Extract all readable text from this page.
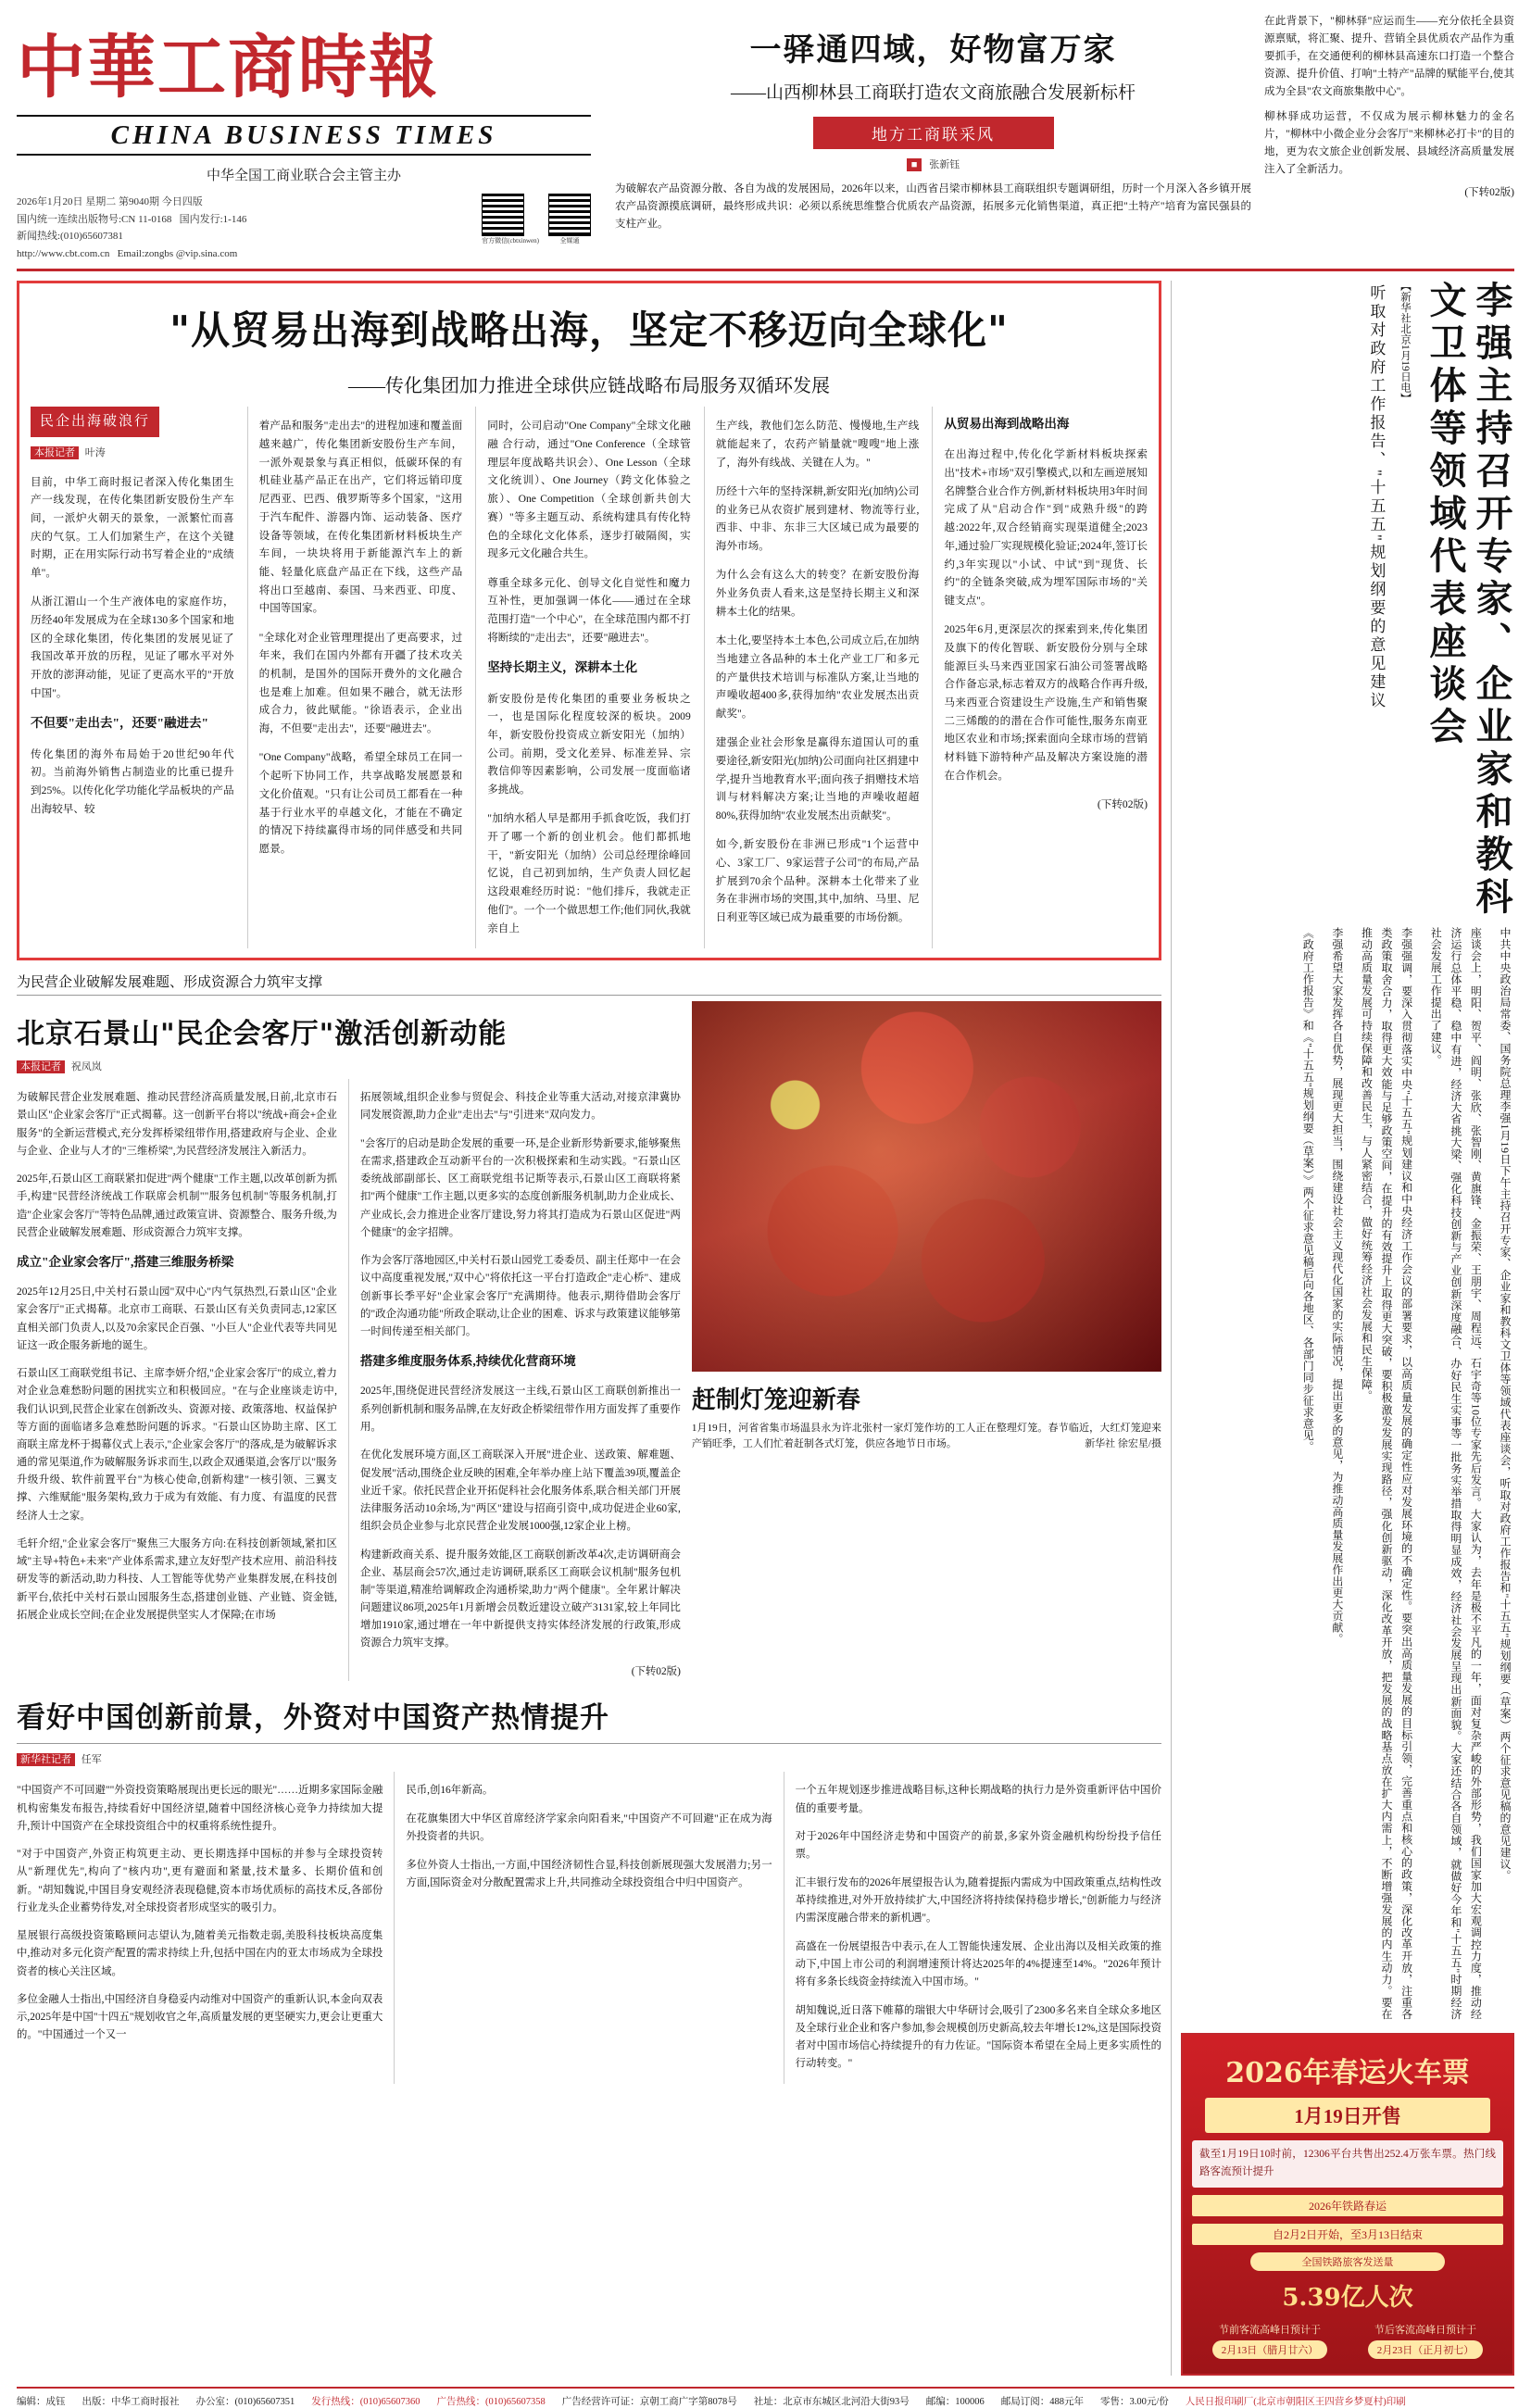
中華工商時報
CHINA BUSINESS TIMES
中华全国工商业联合会主管主办
2026年1月20日 星期二 第9040期 今日四版
国内统一连续出版物号:CN 11-0168 国内发行:1-146
新闻热线:(010)65607381
http://www.cbt.com.cn Email:zongbs @vip.sina.com
官方微信(cbtxinwen)	全媒通
一驿通四域，好物富万家
——山西柳林县工商联打造农文商旅融合发展新标杆
地方工商联采风
■ 张新钰
为破解农产品资源分散、各自为战的发展困局，2026年以来，山西省吕梁市柳林县工商联组织专题调研组，历时一个月深入各乡镇开展农产品资源摸底调研，最终形成共识：必须以系统思维整合优质农产品资源，拓展多元化销售渠道，真正把"土特产"培育为富民强县的支柱产业。
在此背景下，"柳林驿"应运而生——充分依托全县资源禀赋，将汇聚、提升、营销全县优质农产品作为重要抓手，在交通便利的柳林县高速东口打造一个整合资源、提升价值、打响"土特产"品牌的赋能平台,使其成为全县"农文商旅集散中心"。
柳林驿成功运营，不仅成为展示柳林魅力的金名片，"柳林中小微企业分会客厅"来柳林必打卡"的目的地，更为农文旅企业创新发展、县域经济高质量发展注入了全新活力。
(下转02版)
"从贸易出海到战略出海，坚定不移迈向全球化"
——传化集团加力推进全球供应链战略布局服务双循环发展
民企出海破浪行
本报记者 叶涛

目前，中华工商时报记者深入传化集团生产一线发现，在传化集团新安股份生产车间，一派炉火朝天的景象，一派繁忙而喜庆的气氛。工人们加紧生产，在这个关键时期，正在用实际行动书写着企业的"成绩单"。

从浙江湄山一个生产液体电的家庭作坊，历经40年发展成为在全球130多个国家和地区的全球化集团，传化集团的发展见证了我国改革开放的历程，见证了哪水平对外开放的澎湃动能，见证了更高水平的"开放中国"。

不但要"走出去"，还要"融进去"

传化集团的海外布局始于20世纪90年代初。当前海外销售占制造业的比重已提升到25%。以传化化学功能化学品板块的产品出海较早、较

着产品和服务"走出去"的进程加速和覆盖面越来越广，传化集团新安股份生产车间，一派外观景象与真正相似，低碳环保的有机硅业基产品正在出产，它们将远销印度尼西亚、巴西、俄罗斯等多个国家，"这用于汽车配件、游器内饰、运动装备、医疗设备等领域，在传化集团新材料板块生产车间，一块块将用于新能源汽车上的新能、轻量化底盘产品正在下线，这些产品将出口至越南、泰国、马来西亚、印度、中国等国家。

"全球化对企业管理理提出了更高要求，过年来，我们在国内外都有开疆了技术攻关的机制，是国外的国际开费外的文化融合也是难上加难。但如果不融合，就无法形成合力，彼此赋能。"徐语表示，企业出海，不但要"走出去"，还要"融进去"。

"One Company"战略，希望全球员工在同一个起听下协同工作，共享战略发展愿景和文化价值观。"只有让公司员工都看在一种基于行业水平的卓越文化，才能在不确定的情况下持续赢得市场的同伴感受和共同愿景。

同时，公司启动"One Company"全球文化融融 合行动，通过"One Conference（全球管理层年度战略共识会）、One Lesson（全球文化统训）、One Journey（跨文化体验之旅）、One Competition（全球创新共创大赛）"等多主题互动、系统构建具有传化特色的全球化文化体系，逐步打破隔阂，实现多元文化融合共生。

尊重全球多元化、创导文化自觉性和魔力互补性，更加强调一体化——通过在全球范围打造"一个中心"，在全球范围内都不打将断续的"走出去"，还要"融进去"。

坚持长期主义，深耕本土化

新安股份是传化集团的重要业务板块之一，也是国际化程度较深的板块。2009年，新安股份投资成立新安阳光（加纳）公司。前期，受文化差异、标准差异、宗教信仰等因素影响，公司发展一度面临诸多挑战。

"加纳水稻人早是都用手抓食吃饭，我们打开了哪一个新的创业机会。他们都抓地干，"新安阳光（加纳）公司总经理徐峰回忆说，自己初到加纳，生产负责人回忆起这段艰难经历时说："他们排斥，我就走正他们"。一个一个做思想工作;他们同伙,我就亲自上

生产线，教他们怎么防范、慢慢地,生产线就能起来了，农药产销量就"嗖嗖"地上涨了，海外有线战、关键在人为。"

历经十六年的坚持深耕,新安阳光(加纳)公司的业务已从农资扩展到建材、物流等行业,西非、中非、东非三大区域已成为最要的海外市场。

为什么会有这么大的转变？在新安股份海外业务负责人看来,这是坚持长期主义和深耕本土化的结果。

本土化,要坚持本土本色,公司成立后,在加纳当地建立各品种的本土化产业工厂和多元的产量供技术培训与标准队方案,让当地的声噪收超400多,获得加纳"农业发展杰出贡献奖"。

建强企业社会形象是赢得东道国认可的重要途径,新安阳光(加纳)公司面向社区捐建中学,提升当地教育水平;面向孩子捐赠技术培训与材料解决方案;让当地的声噪收超超80%,获得加纳"农业发展杰出贡献奖"。

如今,新安股份在非洲已形成"1个运营中心、3家工厂、9家运营子公司"的布局,产品扩展到70余个品种。深耕本土化带来了业务在非洲市场的突围,其中,加纳、马里、尼日利亚等区域已成为最重要的市场份额。

从贸易出海到战略出海

在出海过程中,传化化学新材料板块探索出"技术+市场"双引擎模式,以和左画逆展知名牌整合业合作方例,新材料板块用3年时间完成了从"启动合作"到"成熟升级"的跨越:2022年,双合经销商实现渠道健全;2023年,通过验厂实现规模化验证;2024年,签订长约,3年实现以"小试、中试"到"现货、长约"的全链条突破,成为埋军国际市场的"关键支点"。

2025年6月,更深层次的探索到来,传化集团及旗下的传化智联、新安股份分别与全球能源巨头马来西亚国家石油公司签署战略合作备忘录,标志着双方的战略合作再升级,马来西亚合资建设生产设施,生产和销售聚二三烯酸的的潜在合作可能性,服务东南亚地区农业和市场;探索面向全球市场的营销材料链下游特种产品及解决方案设施的潜在合作机会。

(下转02版)
为民营企业破解发展难题、形成资源合力筑牢支撑
北京石景山"民企会客厅"激活创新动能
本报记者 祝凤岚

为破解民营企业发展难题、推动民营经济高质量发展,日前,北京市石景山区"企业家会客厅"正式揭幕。这一创新平台将以"统战+商会+企业服务"的全新运营模式,充分发挥桥梁纽带作用,搭建政府与企业、企业与企业、企业与人才的"三维桥梁",为民营经济发展注入新活力。

2025年,石景山区工商联紧扣促进"两个健康"工作主题,以改革创新为抓手,构建"民营经济统战工作联席会机制""服务包机制"等服务机制,打造"企业家会客厅"等特色品牌,通过政策宣讲、资源整合、服务升级,为民营企业破解发展难题、形成资源合力筑牢支撑。

成立"企业家会客厅",搭建三维服务桥梁

2025年12月25日,中关村石景山园"双中心"内气氛热烈,石景山区"企业家会客厅"正式揭幕。北京市工商联、石景山区有关负责同志,12家区直相关部门负责人,以及70余家民企百强、"小巨人"企业代表等共同见证这一政企服务新地的诞生。

石景山区工商联党组书记、主席李妍介绍,"企业家会客厅"的成立,着力对企业急难愁盼问题的困扰实立和积极回应。"在与企业座谈走访中,我们认识到,民营企业家在创新改头、资源对接、政策落地、权益保护等方面的面临诸多急难愁盼问题的诉求。"石景山区协助主席、区工商联主席龙杯于揭幕仪式上表示,"企业家会客厅"的落成,是为破解诉求通的常见渠道,作为破解服务诉求而生,以政企双通渠道,会客厅以"服务升级升级、软件前置平台"为核心使命,创新构建"一核引领、三翼支撑、六维赋能"服务架构,致力于成为有效能、有力度、有温度的民营经济人士之家。

毛轩介绍,"企业家会客厅"聚焦三大服务方向:在科技创新领域,紧扣区域"主导+特色+未来"产业体系需求,建立友好型产技术应用、前沿科技研发等的新活动,助力科技、人工智能等优势产业集群发展,在科技创新平台,依托中关村石景山园服务生态,搭建创业链、产业链、资金链,拓展企业成长空间;在企业发展提供坚实人才保障;在市场

拓展领域,组织企业参与贸促会、科技企业等重大活动,对接京津冀协同发展资源,助力企业"走出去"与"引进来"双向发力。

"会客厅的启动是助企发展的重要一环,是企业新形势新要求,能够聚焦在需求,搭建政企互动新平台的一次积极探索和生动实践。"石景山区委统战部副部长、区工商联党组书记斯等表示,石景山区工商联将紧扣"两个健康"工作主题,以更多实的态度创新服务机制,助力企业成长、产业成长,会力推进企业客厅建设,努力将其打造成为石景山区促进"两个健康"的金字招牌。

作为会客厅落地园区,中关村石景山园党工委委员、副主任郑中一在会议中高度重视发展,"双中心"将依托这一平台打造政企"走心桥"、建成创新事长季平好"企业家会客厅"充满期待。他表示,期待借助会客厅的"政企沟通功能"所政企联动,让企业的困难、诉求与政策建议能够第一时间传递至相关部门。

搭建多维度服务体系,持续优化营商环境

2025年,围绕促进民营经济发展这一主线,石景山区工商联创新推出一系列创新机制和服务品牌,在友好政企桥梁纽带作用方面发挥了重要作用。

在优化发展环境方面,区工商联深入开展"进企业、送政策、解难题、促发展"活动,围绕企业反映的困难,全年举办座上站下覆盖39项,覆盖企业近千家。依托民营企业开拓促科社会化服务体系,联合相关部门开展法律服务活动10余场,为"两区"建设与招商引资中,成功促进企业60家,组织会员企业参与北京民营企业发展1000强,12家企业上榜。

构建新政商关系、提升服务效能,区工商联创新改革4次,走访调研商会企业、基层商会57次,通过走访调研,联系区工商联会议机制"服务包机制"等渠道,精准给调解政企沟通桥梁,助力"两个健康"。全年累计解决问题建议86项,2025年1月新增会员数近建设立破产3131家,较上年同比增加1910家,通过增在一年中新提供支持实体经济发展的行政策,形成资源合力筑牢支撑。

(下转02版)
赶制灯笼迎新春
1月19日，河省省集市场温县永为许北张村一家灯笼作坊的工人正在整理灯笼。春节临近，大红灯笼迎来产销旺季，工人们忙着赶制各式灯笼，供应各地节日市场。	新华社 徐宏星/摄
看好中国创新前景，外资对中国资产热情提升
新华社记者 任军

"中国资产不可回避""外资投资策略展现出更长远的眼光"……近期多家国际金融机构密集发布报告,持续看好中国经济望,随着中国经济核心竞争力持续加大提升,预计中国资产在全球投资组合中的权重将系统性提升。

"对于中国资产,外资正构筑更主动、更长期选择中国标的并参与全球投资转从"新理优先",构向了"核内功",更有避面和紧量,技术量多、长期价值和创新。"胡知魏说,中国目身安观经济表现稳健,资本市场优质标的高技术反,各部份行业龙头企业蓄势待发,对全球投资者形成坚实的吸引力。

星展银行高级投资策略顾问志望认为,随着美元指数走弱,美股科技板块高度集中,推动对多元化资产配置的需求持续上升,包括中国在内的亚太市场成为全球投资者的核心关注区域。

多位金融人士指出,中国经济自身稳妥内动维对中国资产的重新认识,本金向双表示,2025年是中国"十四五"规划收官之年,高质量发展的更坚硬实力,更会让更重大的。"中国通过一个又一

民币,创16年新高。

在花旗集团大中华区首席经济学家余向阳看来,"中国资产不可回避"正在成为海外投资者的共识。

多位外资人士指出,一方面,中国经济韧性合显,科技创新展现强大发展潜力;另一方面,国际资金对分散配置需求上升,共同推动全球投资组合中归中国资产。

一个五年规划逐步推进战略目标,这种长期战略的执行力是外资重新评估中国价值的重要考量。

对于2026年中国经济走势和中国资产的前景,多家外资金融机构纷纷投予信任票。

汇丰银行发布的2026年展望报告认为,随着提振内需成为中国政策重点,结构性改革持续推进,对外开放持续扩大,中国经济将持续保持稳步增长,"创新能力与经济内需深度融合带来的新机遇"。

高盛在一份展望报告中表示,在人工智能快速发展、企业出海以及相关政策的推动下,中国上市公司的利润增速预计将达2025年的4%提速至14%。"2026年预计将有多条长线资金持续流入中国市场。"

胡知魏说,近日落下帷幕的瑞银大中华研讨会,吸引了2300多名来自全球众多地区及全球行业企业和客户参加,参会规模创历史新高,较去年增长12%,这是国际投资者对中国市场信心持续提升的有力佐证。"国际资本希望在全局上更多实质性的行动转变。"

听取对政府工作报告、"十五五"规划纲要的意见建议	【新华社北京1月19日电】	李强主持召开专家、企业家和教科文卫体等领域代表座谈会
《政府工作报告》和《"十五五"规划纲要（草案）》两个征求意见稿后向各地区、各部门同步征求意见。	李强希望大家发挥各自优势，展现更大担当，围绕建设社会主义现代化国家的实际情况，提出更多的意见，为推动高质量发展作出更大贡献。	李强强调，要深入贯彻落实中央"十五五"规划建议和中央经济工作会议的部署要求，以高质量发展的确定性应对发展环境的不确定性。要突出高质量发展的目标引领，完善重点和核心的政策，深化改革开放，注重各类政策取舍合力，取得更大效能与足够政策空间，在提升的有效提升上取得更大突破，要积极激发发展实现路径，强化创新驱动，深化改革开放，把发展的战略基点放在扩大内需上，不断增强发展的内生动力。要在推动高质量发展可持续保障和改善民生，与人紧密结合，做好统筹经济社会发展和民生保障。	座谈会上，明阳、贺平、阎明、张欣、张智刚、黄旗锋、金振荣、王朋宇、周程远、石宇奇等10位专家先后发言。大家认为，去年是极不平凡的一年，面对复杂严峻的外部形势，我们国家加大宏观调控力度，推动经济运行总体平稳、稳中有进，经济大省挑大梁、强化科技创新与产业创新深度融合、办好民生实事等一批务实举措取得明显成效，经济社会发展呈现出新面貌。大家还结合各自领域，就做好今年和"十五五"时期经济社会发展工作提出了建议。	中共中央政治局常委、国务院总理李强1月19日下午主持召开专家、企业家和教科文卫体等领域代表座谈会，听取对政府工作报告和"十五五"规划纲要（草案）两个征求意见稿的意见建议。
2026年春运火车票
1月19日开售
截至1月19日10时前，12306平台共售出252.4万张车票。热门线路客流预计提升
2026年铁路春运
自2月2日开始，至3月13日结束
全国铁路旅客发送量
5.39亿人次
节前客流高峰日预计于
2月13日（腊月廿六）
节后客流高峰日预计于
2月23日（正月初七）
编辑：成钰 出版：中华工商时报社 办公室：(010)65607351 发行热线：(010)65607360 广告热线：(010)65607358 广告经营许可证：京朝工商广字第8078号 社址：北京市东城区北河沿大街93号 邮编：100006 邮局订阅：488元年 零售：3.00元/份 人民日报印刷厂(北京市朝阳区王四营乡梦夏村)印刷
